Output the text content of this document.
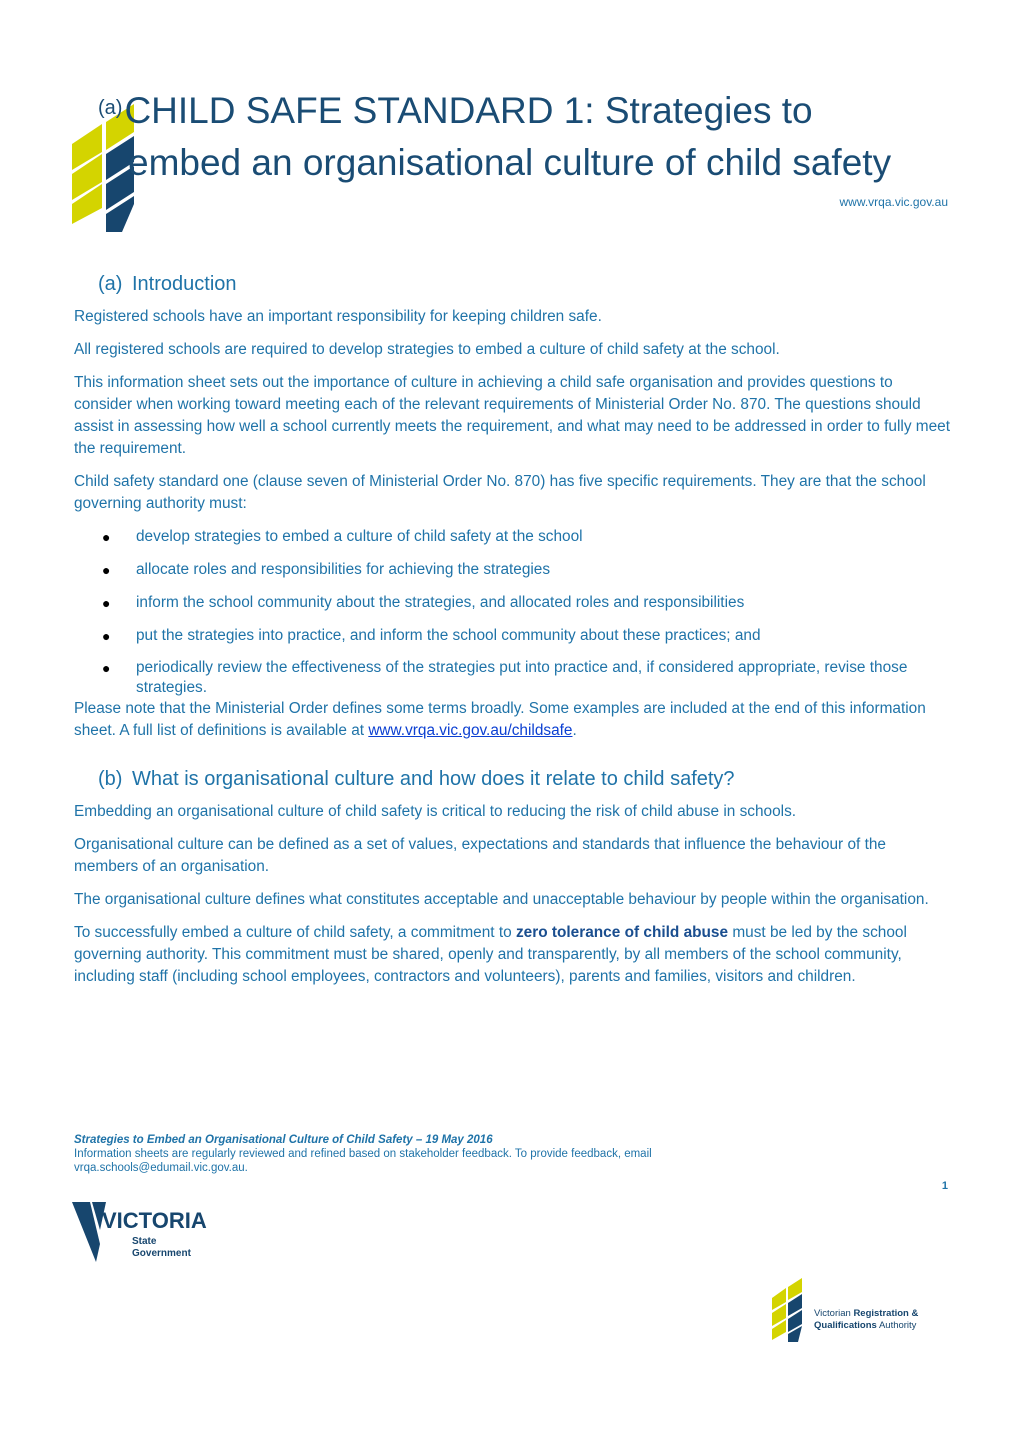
$^{(a)}$CHILD SAFE STANDARD 1: Strategies to
embed an organisational culture of child safety
www.vrqa.vic.gov.au
(a) Introduction

Registered schools have an important responsibility for keeping children safe.

All registered schools are required to develop strategies to embed a culture of child safety at the school.

This information sheet sets out the importance of culture in achieving a child safe organisation and provides questions to consider when working toward meeting each of the relevant requirements of Ministerial Order No. 870. The questions should assist in assessing how well a school currently meets the requirement, and what may need to be addressed in order to fully meet the requirement.

Child safety standard one (clause seven of Ministerial Order No. 870) has five specific requirements. They are that the school governing authority must:

● develop strategies to embed a culture of child safety at the school
● allocate roles and responsibilities for achieving the strategies
● inform the school community about the strategies, and allocated roles and responsibilities
● put the strategies into practice, and inform the school community about these practices; and
● periodically review the effectiveness of the strategies put into practice and, if considered appropriate, revise those strategies.

Please note that the Ministerial Order defines some terms broadly. Some examples are included at the end of this information sheet. A full list of definitions is available at www.vrqa.vic.gov.au/childsafe.

(b) What is organisational culture and how does it relate to child safety?

Embedding an organisational culture of child safety is critical to reducing the risk of child abuse in schools.

Organisational culture can be defined as a set of values, expectations and standards that influence the behaviour of the members of an organisation.

The organisational culture defines what constitutes acceptable and unacceptable behaviour by people within the organisation.

To successfully embed a culture of child safety, a commitment to zero tolerance of child abuse must be led by the school governing authority. This commitment must be shared, openly and transparently, by all members of the school community, including staff (including school employees, contractors and volunteers), parents and families, visitors and children.

Strategies to Embed an Organisational Culture of Child Safety – 19 May 2016
Information sheets are regularly reviewed and refined based on stakeholder feedback. To provide feedback, email
vrqa.schools@edumail.vic.gov.au.
1
VICTORIA
State
Government
Victorian Registration &
Qualifications Authority
